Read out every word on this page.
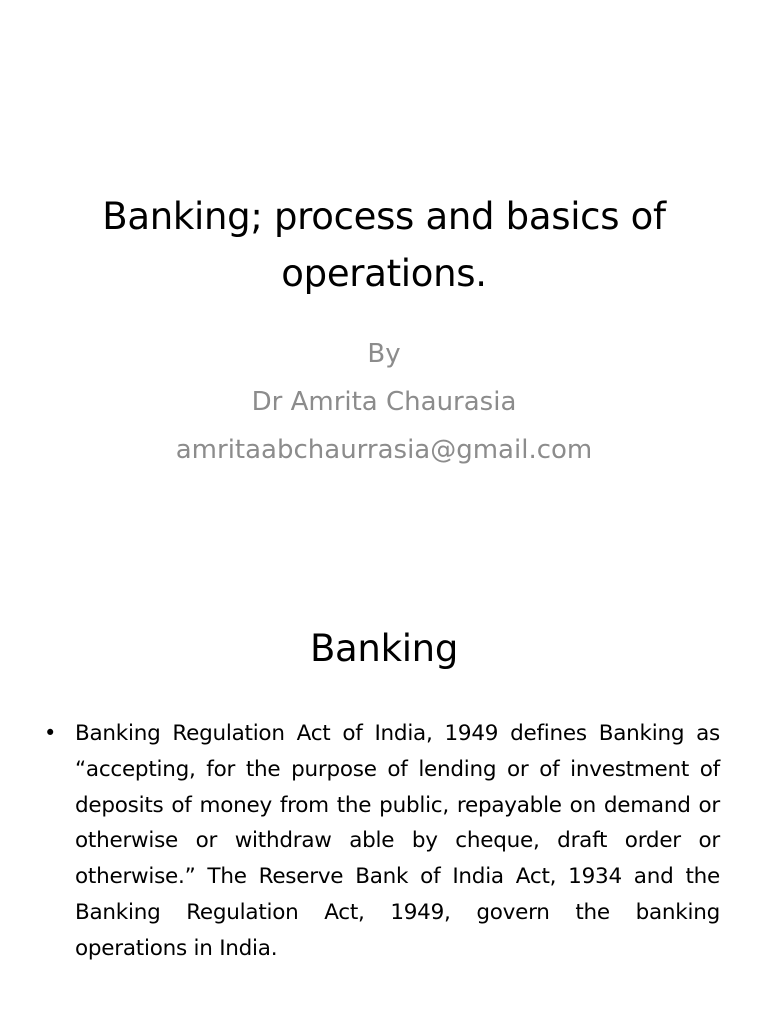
Banking; process and basics of
operations.
By
Dr Amrita Chaurasia
amritaabchaurrasia@gmail.com
Banking
• Banking Regulation Act of India, 1949 defines Banking as “accepting, for the purpose of lending or of investment of deposits of money from the public, repayable on demand or otherwise or withdraw able by cheque, draft order or otherwise.” The Reserve Bank of India Act, 1934 and the Banking Regulation Act, 1949, govern the banking operations in India.
